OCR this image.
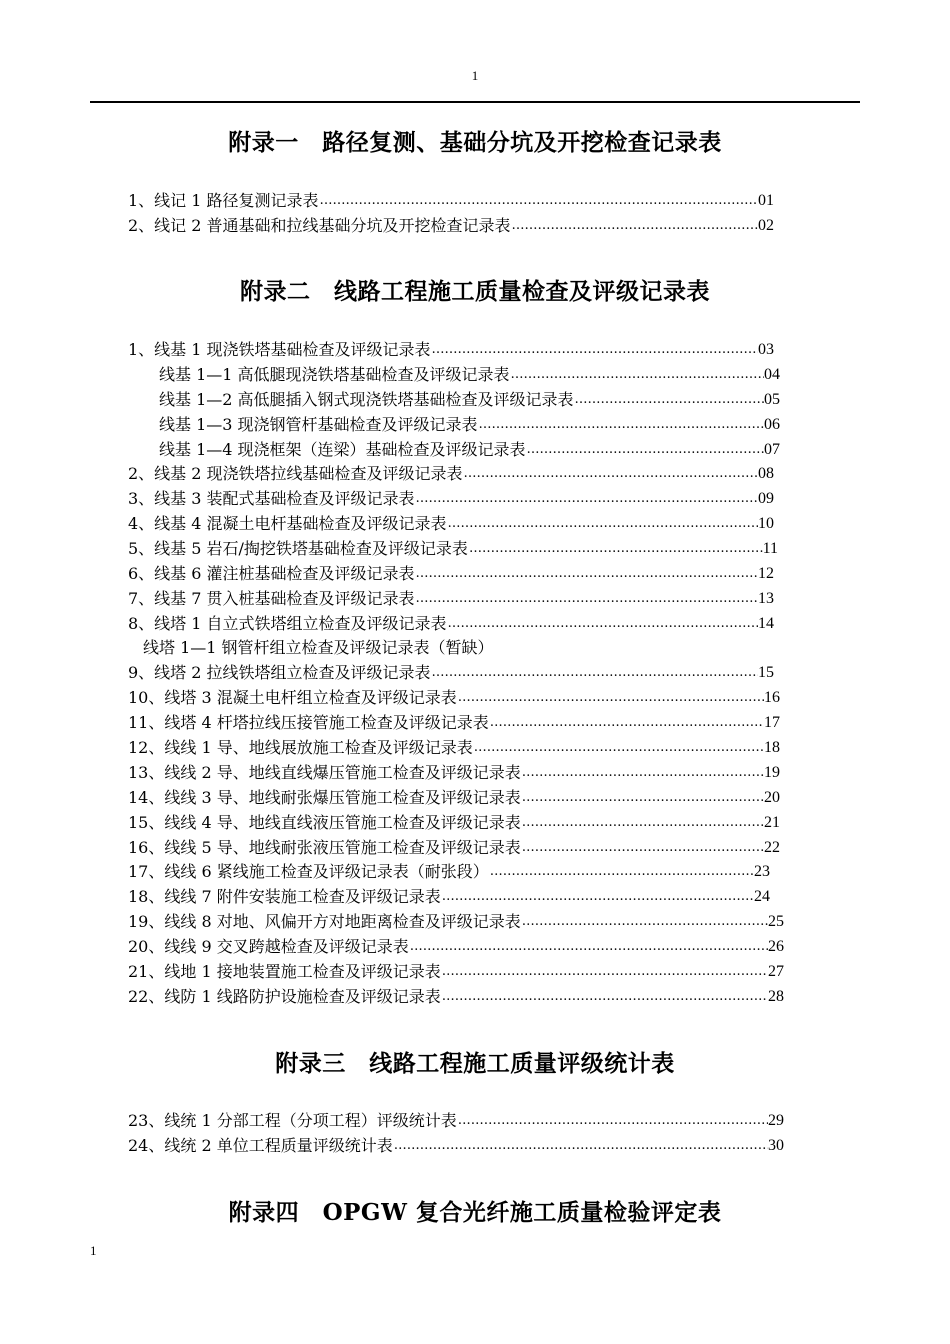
1
附录一　路径复测、基础分坑及开挖检查记录表
1、线记 1 路径复测记录表 …………………………………………………………………………………………………………………………………………………………………………	01
2、线记 2 普通基础和拉线基础分坑及开挖检查记录表 …………………………………………………………………………………………………………………………………………………………………………	02
附录二　线路工程施工质量检查及评级记录表
1、线基 1 现浇铁塔基础检查及评级记录表 …………………………………………………………………………………………………………………………………………………………………………	03
线基 1—1 高低腿现浇铁塔基础检查及评级记录表 …………………………………………………………………………………………………………………………………………………………………………	04
线基 1—2 高低腿插入钢式现浇铁塔基础检查及评级记录表 …………………………………………………………………………………………………………………………………………………………………………	05
线基 1—3 现浇钢管杆基础检查及评级记录表 …………………………………………………………………………………………………………………………………………………………………………	06
线基 1—4 现浇框架（连梁）基础检查及评级记录表 …………………………………………………………………………………………………………………………………………………………………………	07
2、线基 2 现浇铁塔拉线基础检查及评级记录表 …………………………………………………………………………………………………………………………………………………………………………	08
3、线基 3 装配式基础检查及评级记录表 …………………………………………………………………………………………………………………………………………………………………………	09
4、线基 4 混凝土电杆基础检查及评级记录表 …………………………………………………………………………………………………………………………………………………………………………	10
5、线基 5 岩石/掏挖铁塔基础检查及评级记录表 …………………………………………………………………………………………………………………………………………………………………………	11
6、线基 6 灌注桩基础检查及评级记录表 …………………………………………………………………………………………………………………………………………………………………………	12
7、线基 7 贯入桩基础检查及评级记录表 …………………………………………………………………………………………………………………………………………………………………………	13
8、线塔 1 自立式铁塔组立检查及评级记录表 …………………………………………………………………………………………………………………………………………………………………………	14
线塔 1—1 钢管杆组立检查及评级记录表（暂缺）
9、线塔 2 拉线铁塔组立检查及评级记录表 …………………………………………………………………………………………………………………………………………………………………………	15
10、线塔 3 混凝土电杆组立检查及评级记录表 …………………………………………………………………………………………………………………………………………………………………………	16
11、线塔 4 杆塔拉线压接管施工检查及评级记录表 …………………………………………………………………………………………………………………………………………………………………………	17
12、线线 1 导、地线展放施工检查及评级记录表 …………………………………………………………………………………………………………………………………………………………………………	18
13、线线 2 导、地线直线爆压管施工检查及评级记录表 …………………………………………………………………………………………………………………………………………………………………………	19
14、线线 3 导、地线耐张爆压管施工检查及评级记录表 …………………………………………………………………………………………………………………………………………………………………………	20
15、线线 4 导、地线直线液压管施工检查及评级记录表 …………………………………………………………………………………………………………………………………………………………………………	21
16、线线 5 导、地线耐张液压管施工检查及评级记录表 …………………………………………………………………………………………………………………………………………………………………………	22
17、线线 6 紧线施工检查及评级记录表（耐张段） …………………………………………………………………………………………………………………………………………………………………………	23
18、线线 7 附件安装施工检查及评级记录表 …………………………………………………………………………………………………………………………………………………………………………	24
19、线线 8 对地、风偏开方对地距离检查及评级记录表 …………………………………………………………………………………………………………………………………………………………………………	25
20、线线 9 交叉跨越检查及评级记录表 …………………………………………………………………………………………………………………………………………………………………………	26
21、线地 1 接地装置施工检查及评级记录表 …………………………………………………………………………………………………………………………………………………………………………	27
22、线防 1 线路防护设施检查及评级记录表 …………………………………………………………………………………………………………………………………………………………………………	28
附录三　线路工程施工质量评级统计表
23、线统 1 分部工程（分项工程）评级统计表 …………………………………………………………………………………………………………………………………………………………………………	29
24、线统 2 单位工程质量评级统计表 …………………………………………………………………………………………………………………………………………………………………………	30
附录四　OPGW 复合光纤施工质量检验评定表
1
